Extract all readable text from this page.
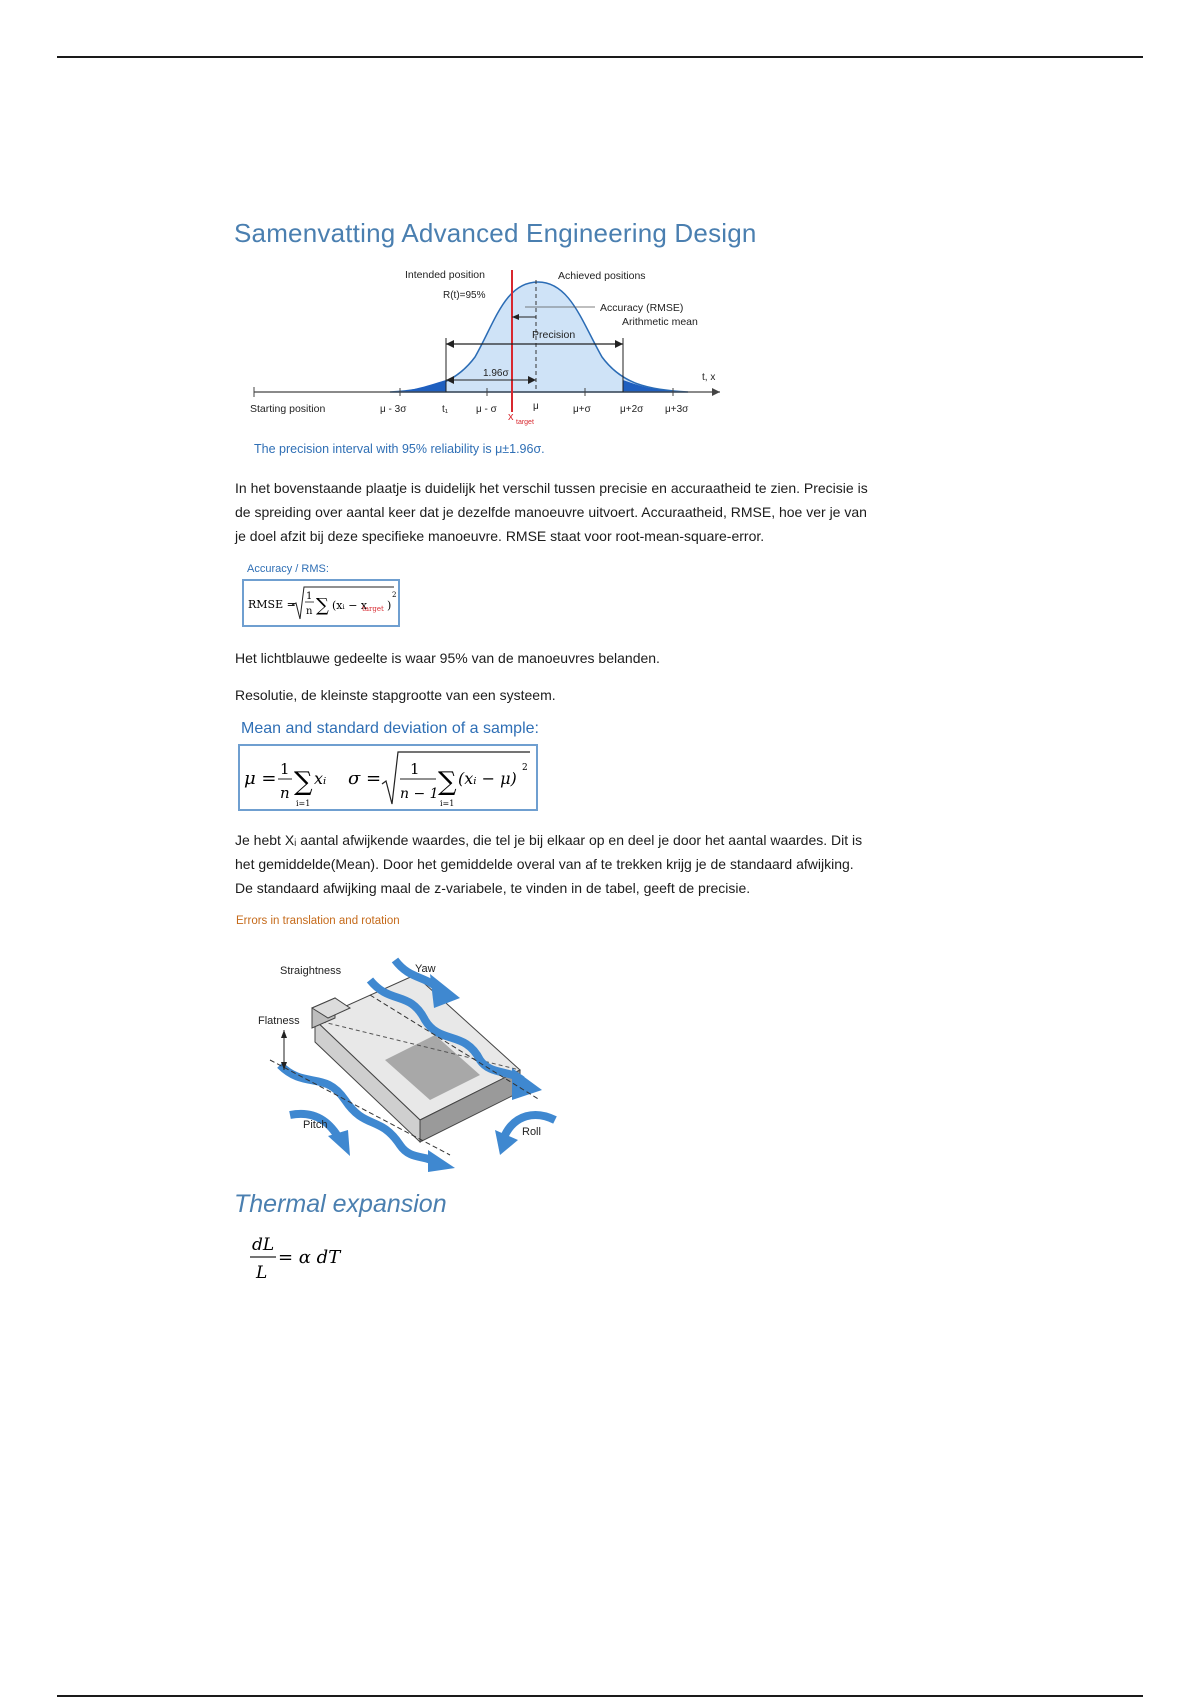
Samenvatting Advanced Engineering Design
Intended position	Achieved positions
R(t)=95%
Accuracy (RMSE)
Arithmetic mean
Precision
1.96σ	t, x
Starting position	μ - 3σ	t₁	μ - σ
x target
μ	μ+σ	μ+2σ μ+3σ
The precision interval with 95% reliability is μ±1.96σ.
In het bovenstaande plaatje is duidelijk het verschil tussen precisie en accuraatheid te zien. Precisie is
de spreiding over aantal keer dat je dezelfde manoeuvre uitvoert. Accuraatheid, RMSE, hoe ver je van
je doel afzit bij deze specifieke manoeuvre. RMSE staat voor root-mean-square-error.
Accuracy / RMS:
RMSE =
1
n ∑ (xᵢ − x
target )
2
Het lichtblauwe gedeelte is waar 95% van de manoeuvres belanden.
Resolutie, de kleinste stapgrootte van een systeem.
Mean and standard deviation of a sample:
μ = 1
n ∑
i=1
xᵢ σ = 1
n − 1 ∑
i=1
(xᵢ − μ)
2
Je hebt Xᵢ aantal afwijkende waardes, die tel je bij elkaar op en deel je door het aantal waardes. Dit is
het gemiddelde(Mean). Door het gemiddelde overal van af te trekken krijg je de standaard afwijking.
De standaard afwijking maal de z-variabele, te vinden in de tabel, geeft de precisie.
Errors in translation and rotation
Straightness	Yaw
Flatness
Pitch
Roll
Thermal expansion
dL
L
= α dT
